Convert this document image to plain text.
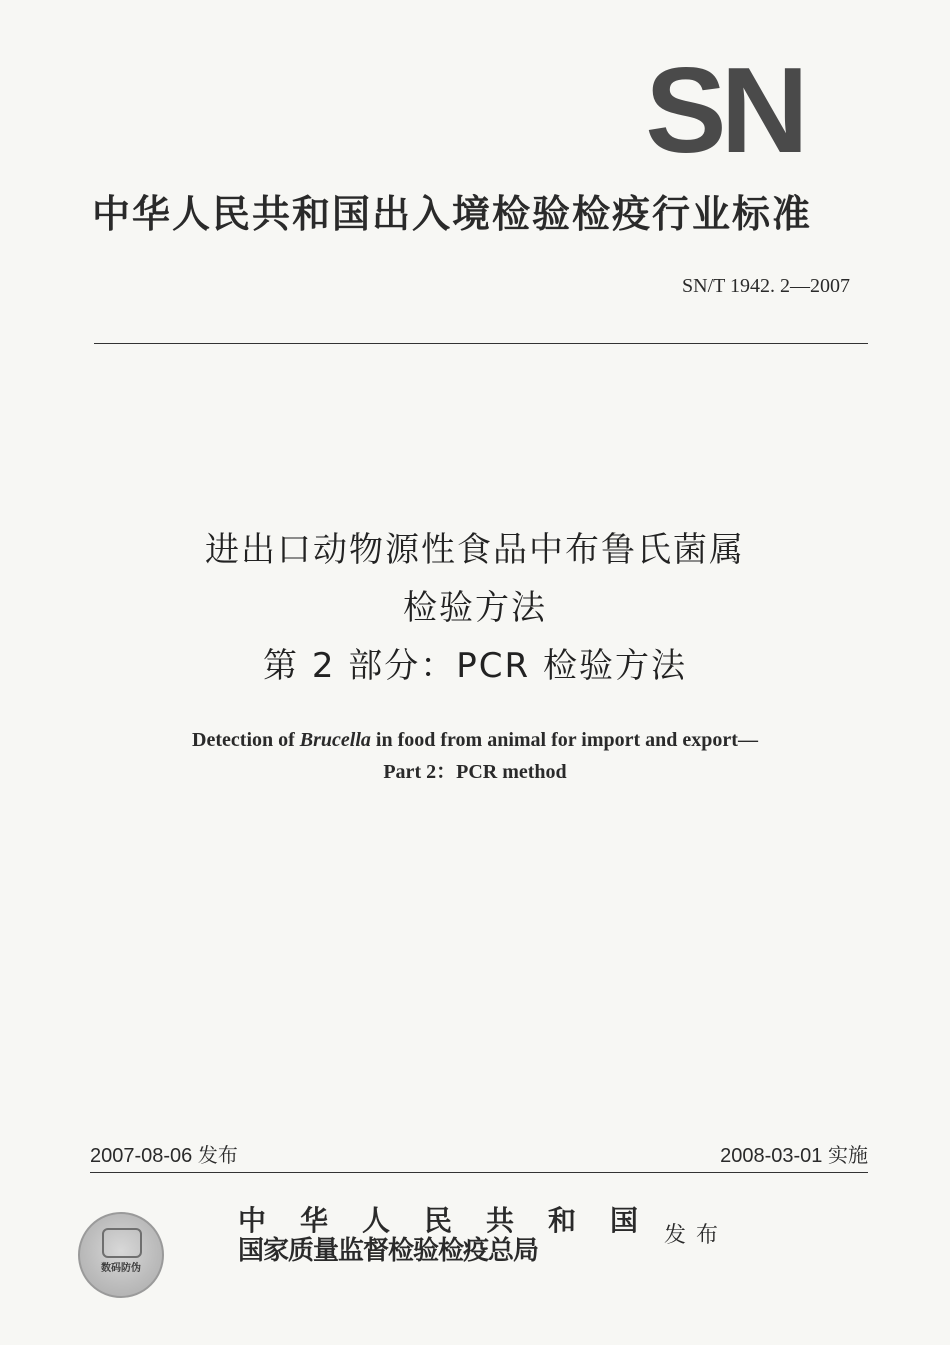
SN
中华人民共和国出入境检验检疫行业标准
SN/T 1942. 2—2007
进出口动物源性食品中布鲁氏菌属
检验方法
第 2 部分：PCR 检验方法
Detection of Brucella in food from animal for import and export—
Part 2：PCR method
2007-08-06 发布	2008-03-01 实施
数码防伪
中华人民共和国
国家质量监督检验检疫总局
发布
